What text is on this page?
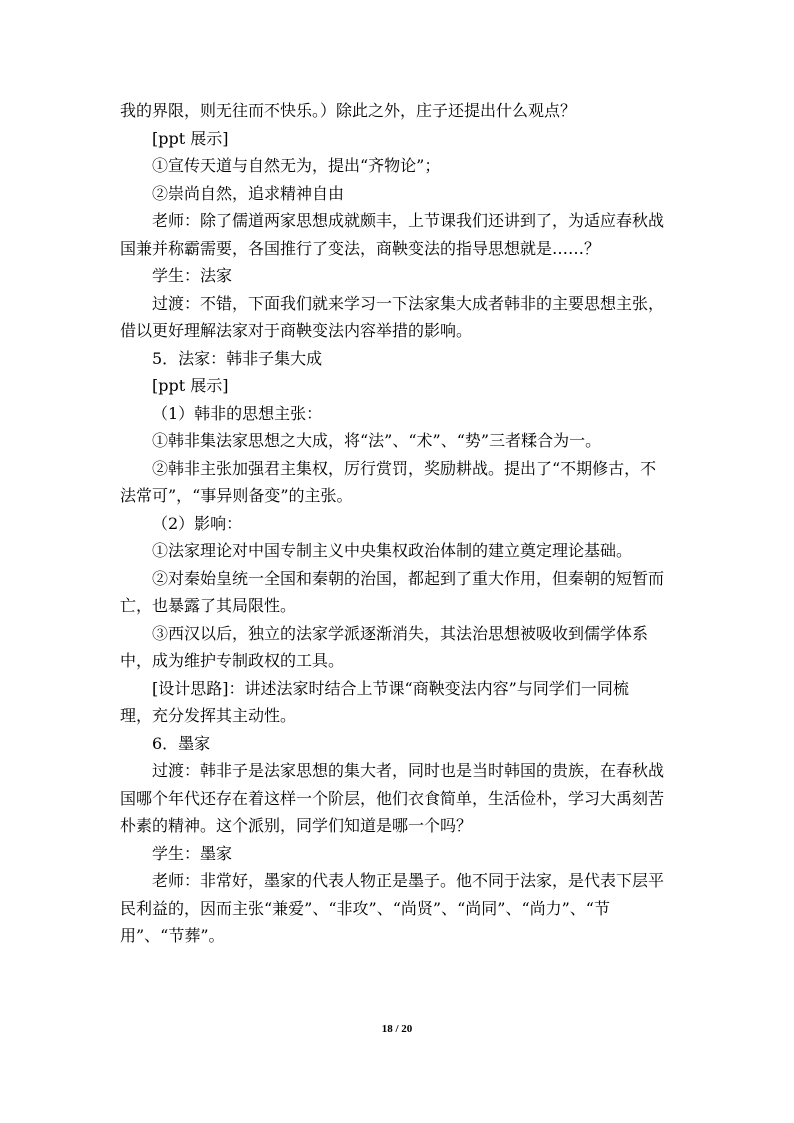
我的界限，则无往而不快乐。）除此之外，庄子还提出什么观点？
[ppt 展示]
①宣传天道与自然无为，提出“齐物论”；
②崇尚自然，追求精神自由
老师：除了儒道两家思想成就颇丰，上节课我们还讲到了，为适应春秋战
国兼并称霸需要，各国推行了变法，商鞅变法的指导思想就是……？
学生：法家
过渡：不错，下面我们就来学习一下法家集大成者韩非的主要思想主张，
借以更好理解法家对于商鞅变法内容举措的影响。
5．法家：韩非子集大成
[ppt 展示]
（1）韩非的思想主张：
①韩非集法家思想之大成，将“法”、“术”、“势”三者糅合为一。
②韩非主张加强君主集权，厉行赏罚，奖励耕战。提出了“不期修古，不
法常可”，“事异则备变”的主张。
（2）影响：
①法家理论对中国专制主义中央集权政治体制的建立奠定理论基础。
②对秦始皇统一全国和秦朝的治国，都起到了重大作用，但秦朝的短暂而
亡，也暴露了其局限性。
③西汉以后，独立的法家学派逐渐消失，其法治思想被吸收到儒学体系
中，成为维护专制政权的工具。
[设计思路]：讲述法家时结合上节课“商鞅变法内容”与同学们一同梳
理，充分发挥其主动性。
6．墨家
过渡：韩非子是法家思想的集大者，同时也是当时韩国的贵族，在春秋战
国哪个年代还存在着这样一个阶层，他们衣食简单，生活俭朴，学习大禹刻苦
朴素的精神。这个派别，同学们知道是哪一个吗？
学生：墨家
老师：非常好，墨家的代表人物正是墨子。他不同于法家，是代表下层平
民利益的，因而主张“兼爱”、“非攻”、“尚贤”、“尚同”、“尚力”、“节
用”、“节葬”。
18 / 20
